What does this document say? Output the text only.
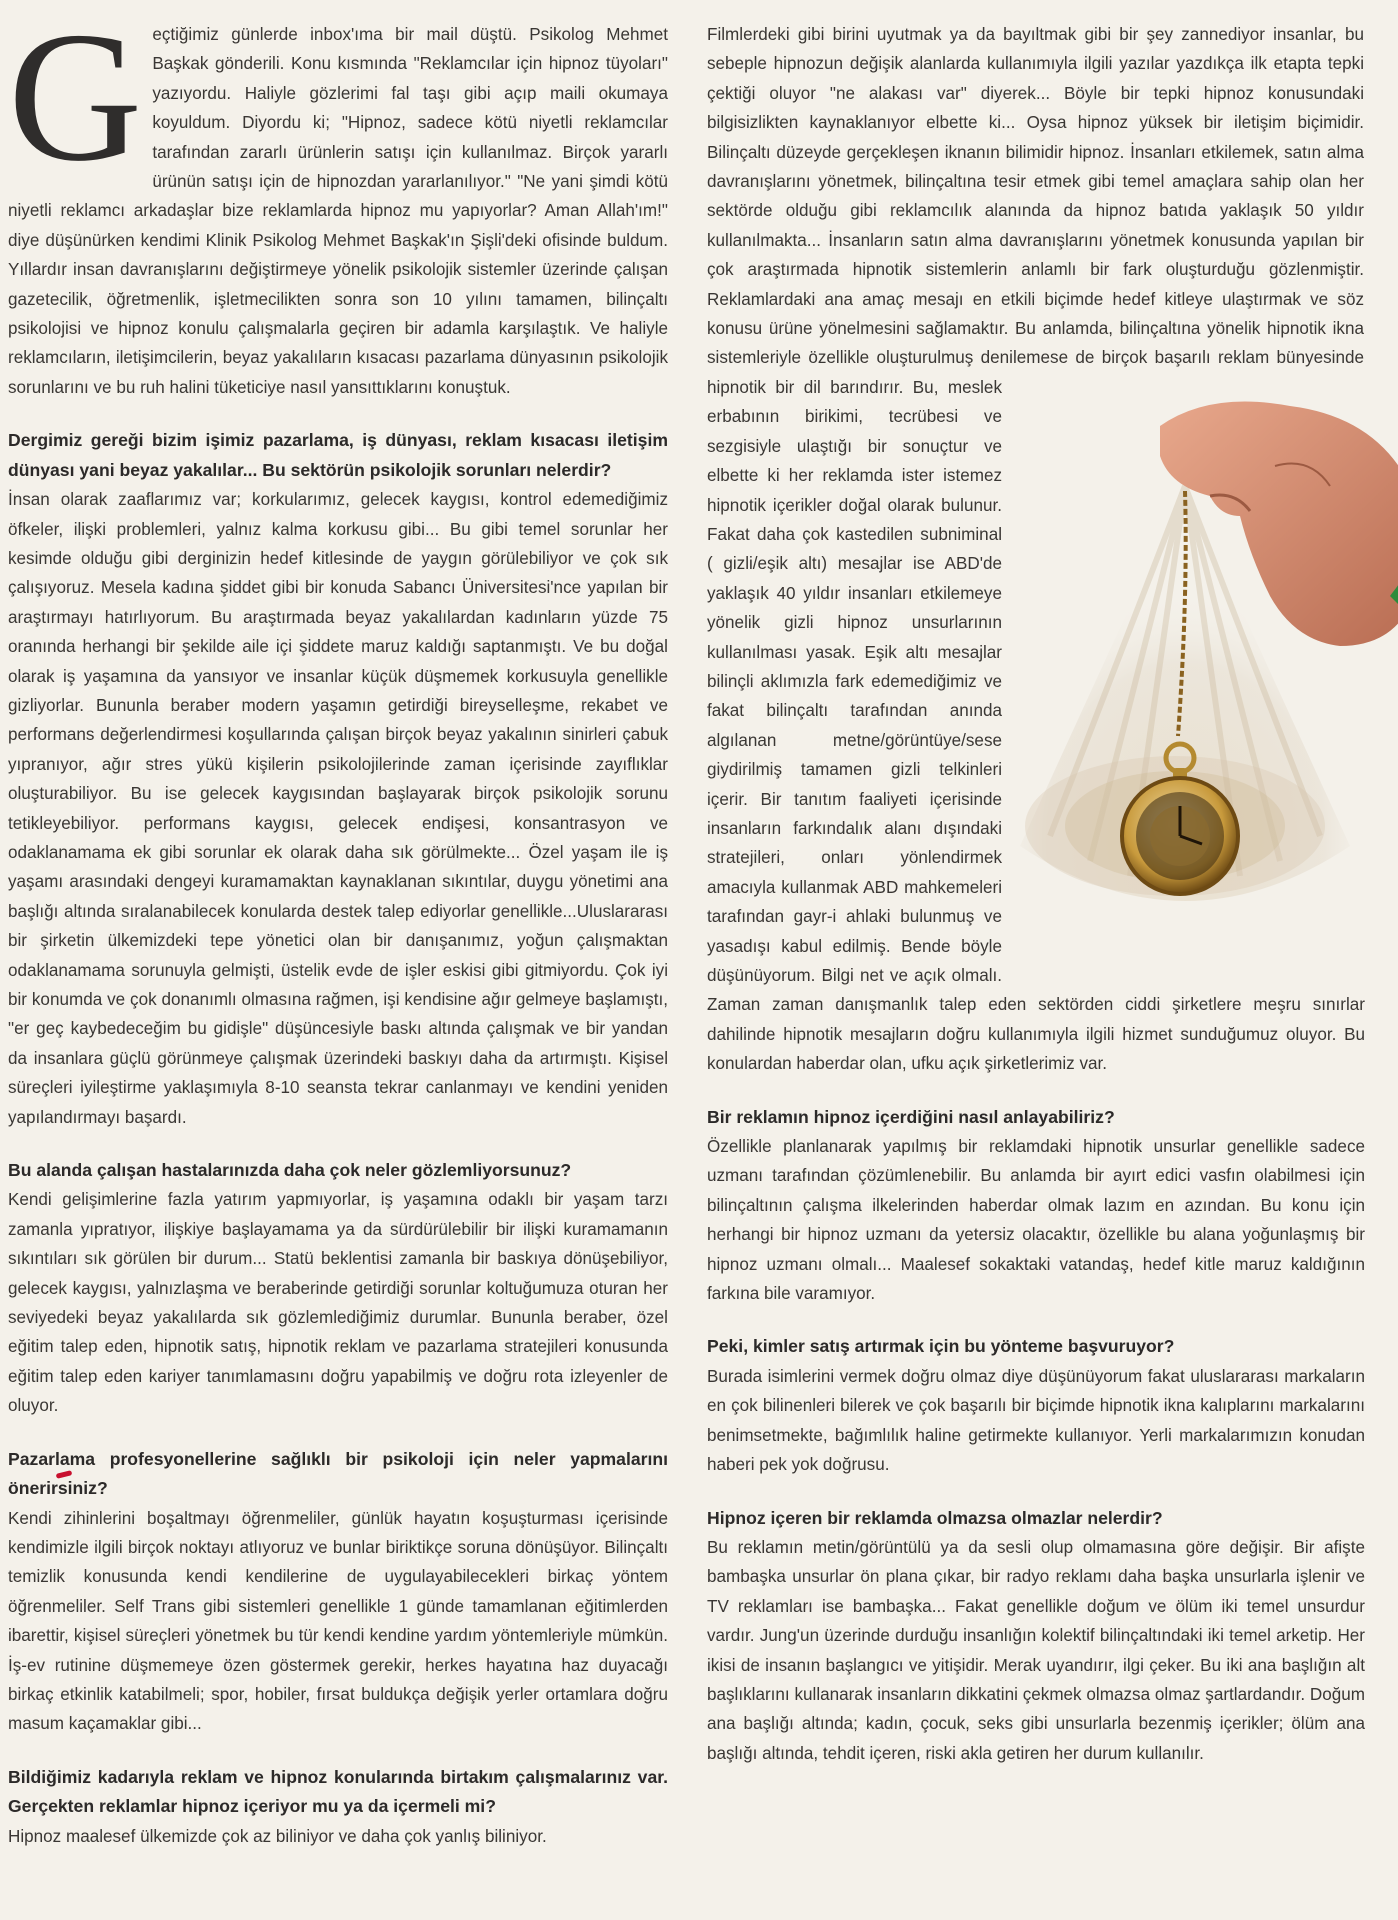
Geçtiğimiz günlerde inbox'ıma bir mail düştü. Psikolog Mehmet Başkak gönderili. Konu kısmında "Reklamcılar için hipnoz tüyoları" yazıyordu. Haliyle gözlerimi fal taşı gibi açıp maili okumaya koyuldum. Diyordu ki; "Hipnoz, sadece kötü niyetli reklamcılar tarafından zararlı ürünlerin satışı için kullanılmaz. Birçok yararlı ürünün satışı için de hipnozdan yararlanılıyor." "Ne yani şimdi kötü niyetli reklamcı arkadaşlar bize reklamlarda hipnoz mu yapıyorlar? Aman Allah'ım!" diye düşünürken kendimi Klinik Psikolog Mehmet Başkak'ın Şişli'deki ofisinde buldum. Yıllardır insan davranışlarını değiştirmeye yönelik psikolojik sistemler üzerinde çalışan gazetecilik, öğretmenlik, işletmecilikten sonra son 10 yılını tamamen, bilinçaltı psikolojisi ve hipnoz konulu çalışmalarla geçiren bir adamla karşılaştık. Ve haliyle reklamcıların, iletişimcilerin, beyaz yakalıların kısacası pazarlama dünyasının psikolojik sorunlarını ve bu ruh halini tüketiciye nasıl yansıttıklarını konuştuk.

Dergimiz gereği bizim işimiz pazarlama, iş dünyası, reklam kısacası iletişim dünyası yani beyaz yakalılar... Bu sektörün psikolojik sorunları nelerdir?

İnsan olarak zaaflarımız var; korkularımız, gelecek kaygısı, kontrol edemediğimiz öfkeler, ilişki problemleri, yalnız kalma korkusu gibi... Bu gibi temel sorunlar her kesimde olduğu gibi derginizin hedef kitlesinde de yaygın görülebiliyor ve çok sık çalışıyoruz. Mesela kadına şiddet gibi bir konuda Sabancı Üniversitesi'nce yapılan bir araştırmayı hatırlıyorum. Bu araştırmada beyaz yakalılardan kadınların yüzde 75 oranında herhangi bir şekilde aile içi şiddete maruz kaldığı saptanmıştı. Ve bu doğal olarak iş yaşamına da yansıyor ve insanlar küçük düşmemek korkusuyla genellikle gizliyorlar. Bununla beraber modern yaşamın getirdiği bireyselleşme, rekabet ve performans değerlendirmesi koşullarında çalışan birçok beyaz yakalının sinirleri çabuk yıpranıyor, ağır stres yükü kişilerin psikolojilerinde zaman içerisinde zayıflıklar oluşturabiliyor. Bu ise gelecek kaygısından başlayarak birçok psikolojik sorunu tetikleyebiliyor. performans kaygısı, gelecek endişesi, konsantrasyon ve odaklanamama ek gibi sorunlar ek olarak daha sık görülmekte... Özel yaşam ile iş yaşamı arasındaki dengeyi kuramamaktan kaynaklanan sıkıntılar, duygu yönetimi ana başlığı altında sıralanabilecek konularda destek talep ediyorlar genellikle...Uluslararası bir şirketin ülkemizdeki tepe yönetici olan bir danışanımız, yoğun çalışmaktan odaklanamama sorunuyla gelmişti, üstelik evde de işler eskisi gibi gitmiyordu. Çok iyi bir konumda ve çok donanımlı olmasına rağmen, işi kendisine ağır gelmeye başlamıştı, "er geç kaybedeceğim bu gidişle" düşüncesiyle baskı altında çalışmak ve bir yandan da insanlara güçlü görünmeye çalışmak üzerindeki baskıyı daha da artırmıştı. Kişisel süreçleri iyileştirme yaklaşımıyla 8-10 seansta tekrar canlanmayı ve kendini yeniden yapılandırmayı başardı.

Bu alanda çalışan hastalarınızda daha çok neler gözlemliyorsunuz?

Kendi gelişimlerine fazla yatırım yapmıyorlar, iş yaşamına odaklı bir yaşam tarzı zamanla yıpratıyor, ilişkiye başlayamama ya da sürdürülebilir bir ilişki kuramamanın sıkıntıları sık görülen bir durum... Statü beklentisi zamanla bir baskıya dönüşebiliyor, gelecek kaygısı, yalnızlaşma ve beraberinde getirdiği sorunlar koltuğumuza oturan her seviyedeki beyaz yakalılarda sık gözlemlediğimiz durumlar. Bununla beraber, özel eğitim talep eden, hipnotik satış, hipnotik reklam ve pazarlama stratejileri konusunda eğitim talep eden kariyer tanımlamasını doğru yapabilmiş ve doğru rota izleyenler de oluyor.

Pazarlama profesyonellerine sağlıklı bir psikoloji için neler yapmalarını önerirsiniz?

Kendi zihinlerini boşaltmayı öğrenmeliler, günlük hayatın koşuşturması içerisinde kendimizle ilgili birçok noktayı atlıyoruz ve bunlar biriktikçe soruna dönüşüyor. Bilinçaltı temizlik konusunda kendi kendilerine de uygulayabilecekleri birkaç yöntem öğrenmeliler. Self Trans gibi sistemleri genellikle 1 günde tamamlanan eğitimlerden ibarettir, kişisel süreçleri yönetmek bu tür kendi kendine yardım yöntemleriyle mümkün. İş-ev rutinine düşmemeye özen göstermek gerekir, herkes hayatına haz duyacağı birkaç etkinlik katabilmeli; spor, hobiler, fırsat buldukça değişik yerler ortamlara doğru masum kaçamaklar gibi...

Bildiğimiz kadarıyla reklam ve hipnoz konularında birtakım çalışmalarınız var. Gerçekten reklamlar hipnoz içeriyor mu ya da içermeli mi?

Hipnoz maalesef ülkemizde çok az biliniyor ve daha çok yanlış biliniyor.

Filmlerdeki gibi birini uyutmak ya da bayıltmak gibi bir şey zannediyor insanlar, bu sebeple hipnozun değişik alanlarda kullanımıyla ilgili yazılar yazdıkça ilk etapta tepki çektiği oluyor "ne alakası var" diyerek... Böyle bir tepki hipnoz konusundaki bilgisizlikten kaynaklanıyor elbette ki... Oysa hipnoz yüksek bir iletişim biçimidir. Bilinçaltı düzeyde gerçekleşen iknanın bilimidir hipnoz. İnsanları etkilemek, satın alma davranışlarını yönetmek, bilinçaltına tesir etmek gibi temel amaçlara sahip olan her sektörde olduğu gibi reklamcılık alanında da hipnoz batıda yaklaşık 50 yıldır kullanılmakta... İnsanların satın alma davranışlarını yönetmek konusunda yapılan bir çok araştırmada hipnotik sistemlerin anlamlı bir fark oluşturduğu gözlenmiştir. Reklamlardaki ana amaç mesajı en etkili biçimde hedef kitleye ulaştırmak ve söz konusu ürüne yönelmesini sağlamaktır. Bu anlamda, bilinçaltına yönelik hipnotik ikna sistemleriyle özellikle oluşturulmuş denilemese de birçok başarılı reklam bünyesinde hipnotik bir dil barındırır. Bu, meslek erbabının birikimi, tecrübesi ve sezgisiyle ulaştığı bir sonuçtur ve elbette ki her reklamda ister istemez hipnotik içerikler doğal olarak bulunur. Fakat daha çok kastedilen subniminal ( gizli/eşik altı) mesajlar ise ABD'de yaklaşık 40 yıldır insanları etkilemeye yönelik gizli hipnoz unsurlarının kullanılması yasak. Eşik altı mesajlar bilinçli aklımızla fark edemediğimiz ve fakat bilinçaltı tarafından anında algılanan metne/görüntüye/sese giydirilmiş tamamen gizli telkinleri içerir. Bir tanıtım faaliyeti içerisinde insanların farkındalık alanı dışındaki stratejileri, onları yönlendirmek amacıyla kullanmak ABD mahkemeleri tarafından gayr-i ahlaki bulunmuş ve yasadışı kabul edilmiş. Bende böyle düşünüyorum. Bilgi net ve açık olmalı. Zaman zaman danışmanlık talep eden sektörden ciddi şirketlere meşru sınırlar dahilinde hipnotik mesajların doğru kullanımıyla ilgili hizmet sunduğumuz oluyor. Bu konulardan haberdar olan, ufku açık şirketlerimiz var.

Bir reklamın hipnoz içerdiğini nasıl anlayabiliriz?

Özellikle planlanarak yapılmış bir reklamdaki hipnotik unsurlar genellikle sadece uzmanı tarafından çözümlenebilir. Bu anlamda bir ayırt edici vasfın olabilmesi için bilinçaltının çalışma ilkelerinden haberdar olmak lazım en azından. Bu konu için herhangi bir hipnoz uzmanı da yetersiz olacaktır, özellikle bu alana yoğunlaşmış bir hipnoz uzmanı olmalı... Maalesef sokaktaki vatandaş, hedef kitle maruz kaldığının farkına bile varamıyor.

Peki, kimler satış artırmak için bu yönteme başvuruyor?

Burada isimlerini vermek doğru olmaz diye düşünüyorum fakat uluslararası markaların en çok bilinenleri bilerek ve çok başarılı bir biçimde hipnotik ikna kalıplarını markalarını benimsetmekte, bağımlılık haline getirmekte kullanıyor. Yerli markalarımızın konudan haberi pek yok doğrusu.

Hipnoz içeren bir reklamda olmazsa olmazlar nelerdir?

Bu reklamın metin/görüntülü ya da sesli olup olmamasına göre değişir. Bir afişte bambaşka unsurlar ön plana çıkar, bir radyo reklamı daha başka unsurlarla işlenir ve TV reklamları ise bambaşka... Fakat genellikle doğum ve ölüm iki temel unsurdur vardır. Jung'un üzerinde durduğu insanlığın kolektif bilinçaltındaki iki temel arketip. Her ikisi de insanın başlangıcı ve yitişidir. Merak uyandırır, ilgi çeker. Bu iki ana başlığın alt başlıklarını kullanarak insanların dikkatini çekmek olmazsa olmaz şartlardandır. Doğum ana başlığı altında; kadın, çocuk, seks gibi unsurlarla bezenmiş içerikler; ölüm ana başlığı altında, tehdit içeren, riski akla getiren her durum kullanılır.
